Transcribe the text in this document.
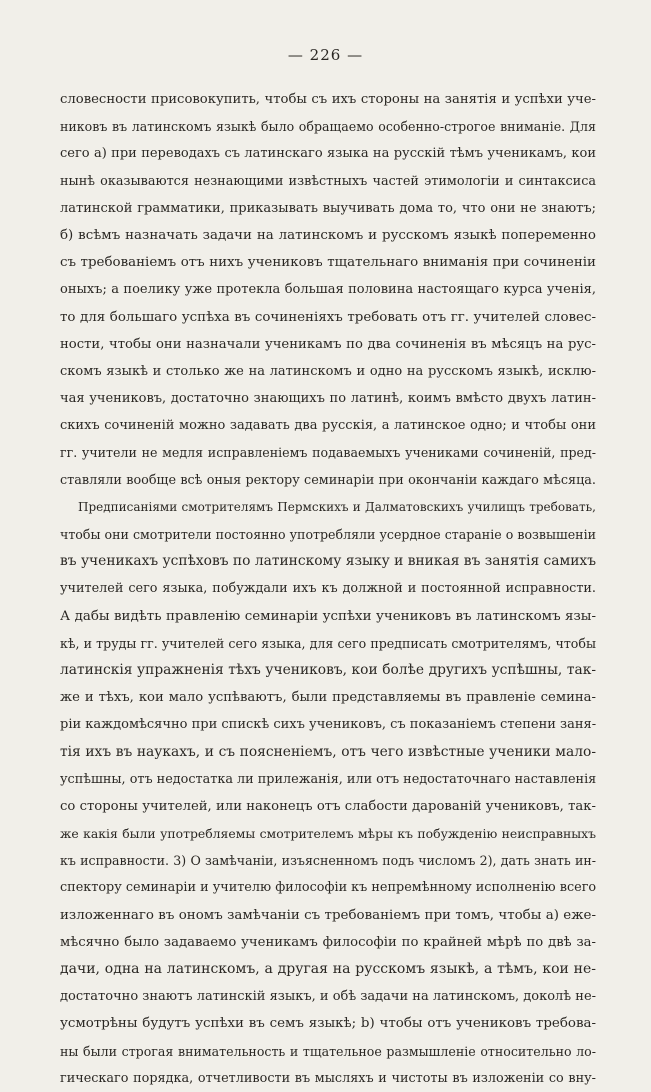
— 226 —
словесности присовокупить, чтобы съ ихъ стороны на занятія и успѣхи уче-
никовъ въ латинскомъ языкѣ было обращаемо особенно-строгое вниманіе. Для
сего а) при переводахъ съ латинскаго языка на русскій тѣмъ ученикамъ, кои
нынѣ оказываются незнающими извѣстныхъ частей этимологіи и синтаксиса
латинской грамматики, приказывать выучивать дома то, что они не знаютъ;
б) всѣмъ назначать задачи на латинскомъ и русскомъ языкѣ попеременно
съ требованіемъ отъ нихъ учениковъ тщательнаго вниманія при сочиненіи
оныхъ; а поелику уже протекла большая половина настоящаго курса ученія,
то для большаго успѣха въ сочиненіяхъ требовать отъ гг. учителей словес-
ности, чтобы они назначали ученикамъ по два сочиненія въ мѣсяцъ на рус-
скомъ языкѣ и столько же на латинскомъ и одно на русскомъ языкѣ, исклю-
чая учениковъ, достаточно знающихъ по латинѣ, коимъ вмѣсто двухъ латин-
скихъ сочиненій можно задавать два русскія, а латинское одно; и чтобы они
гг. учители не медля исправленіемъ подаваемыхъ учениками сочиненій, пред-
ставляли вообще всѣ оныя ректору семинаріи при окончаніи каждаго мѣсяца.
Предписаніями смотрителямъ Пермскихъ и Далматовскихъ училищъ требовать,
чтобы они смотрители постоянно употребляли усердное стараніе о возвышеніи
въ ученикахъ успѣховъ по латинскому языку и вникая въ занятія самихъ
учителей сего языка, побуждали ихъ къ должной и постоянной исправности.
А дабы видѣть правленію семинаріи успѣхи учениковъ въ латинскомъ язы-
кѣ, и труды гг. учителей сего языка, для сего предписать смотрителямъ, чтобы
латинскія упражненія тѣхъ учениковъ, кои болѣе другихъ успѣшны, так-
же и тѣхъ, кои мало успѣваютъ, были представляемы въ правленіе семина-
ріи каждомѣсячно при спискѣ сихъ учениковъ, съ показаніемъ степени заня-
тія ихъ въ наукахъ, и съ поясненіемъ, отъ чего извѣстные ученики мало-
успѣшны, отъ недостатка ли прилежанія, или отъ недостаточнаго наставленія
со стороны учителей, или наконецъ отъ слабости дарованій учениковъ, так-
же какія были употребляемы смотрителемъ мѣры къ побужденію неисправныхъ
къ исправности. 3) О замѣчаніи, изъясненномъ подъ числомъ 2), дать знать ин-
спектору семинаріи и учителю философіи къ непремѣнному исполненію всего
изложеннаго въ ономъ замѣчаніи съ требованіемъ при томъ, чтобы а) еже-
мѣсячно было задаваемо ученикамъ философіи по крайней мѣрѣ по двѣ за-
дачи, одна на латинскомъ, а другая на русскомъ языкѣ, а тѣмъ, кои не-
достаточно знаютъ латинскій языкъ, и обѣ задачи на латинскомъ, доколѣ не-
усмотрѣны будутъ успѣхи въ семъ языкѣ; b) чтобы отъ учениковъ требова-
ны были строгая внимательность и тщательное размышленіе относительно ло-
гическаго порядка, отчетливости въ мысляхъ и чистоты въ изложеніи со вну-
